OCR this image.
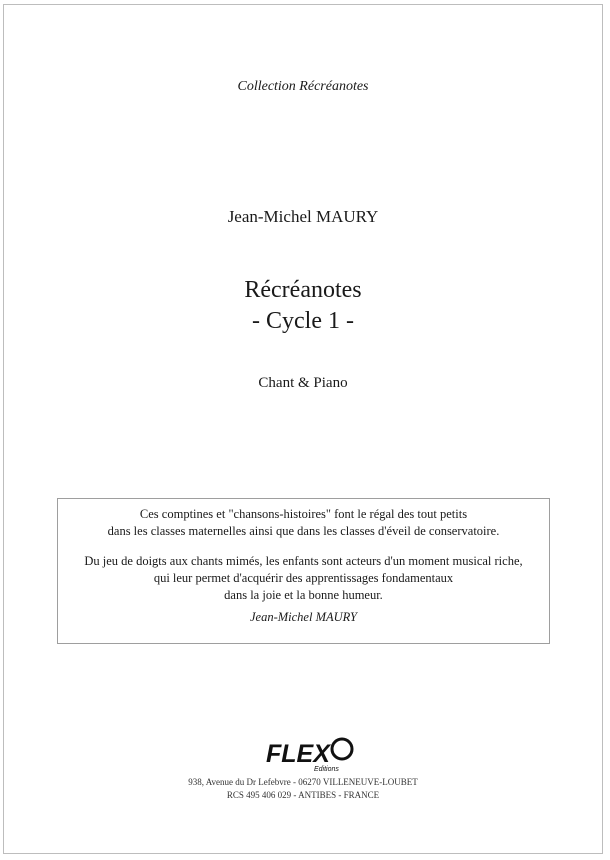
Collection Récréanotes
Jean-Michel MAURY
Récréanotes
- Cycle 1 -
Chant & Piano

Ces comptines et "chansons-histoires" font le régal des tout petits

dans les classes maternelles ainsi que dans les classes d'éveil de conservatoire.

Du jeu de doigts aux chants mimés, les enfants sont acteurs d'un moment musical riche,

qui leur permet d'acquérir des apprentissages fondamentaux

dans la joie et la bonne humeur.

Jean-Michel MAURY

FLEX
Editions
938, Avenue du Dr Lefebvre - 06270 VILLENEUVE-LOUBET
RCS 495 406 029 - ANTIBES - FRANCE
